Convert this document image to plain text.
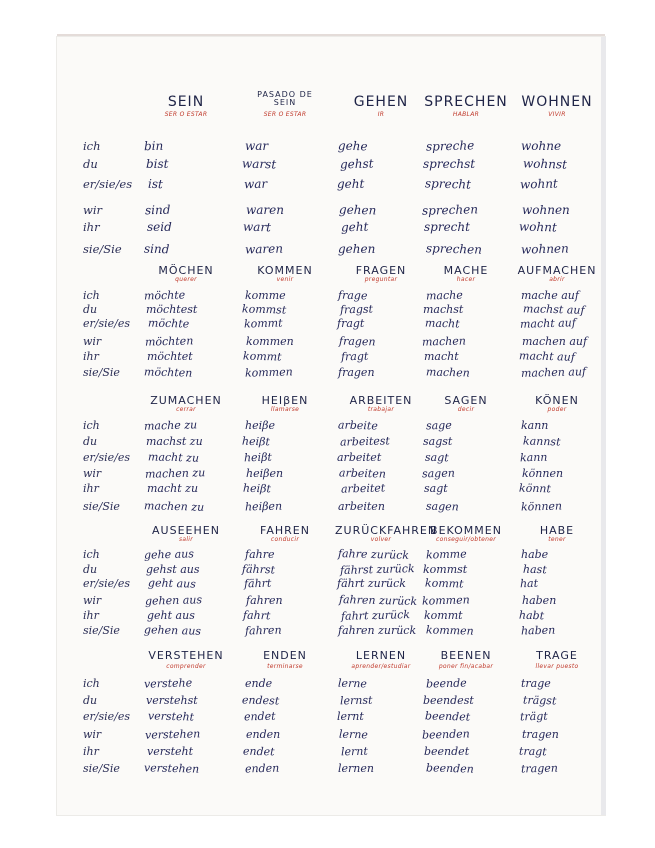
ich
du
er/sie/es
wir
ihr
sie/Sie
SEIN
SER O ESTAR
bin
bist
ist
sind
seid
sind
PASADO DE SEIN
SER O ESTAR
war
warst
war
waren
wart
waren
GEHEN
IR
gehe
gehst
geht
gehen
geht
gehen
SPRECHEN
HABLAR
spreche
sprechst
sprecht
sprechen
sprecht
sprechen
WOHNEN
VIVIR
wohne
wohnst
wohnt
wohnen
wohnt
wohnen
ich
du
er/sie/es
wir
ihr
sie/Sie
MÖCHEN
querer
möchte
möchtest
möchte
möchten
möchtet
möchten
KOMMEN
venir
komme
kommst
kommt
kommen
kommt
kommen
FRAGEN
preguntar
frage
fragst
fragt
fragen
fragt
fragen
MACHE
hacer
mache
machst
macht
machen
macht
machen
AUFMACHEN
abrir
mache auf
machst auf
macht auf
machen auf
macht auf
machen auf
ich
du
er/sie/es
wir
ihr
sie/Sie
ZUMACHEN
cerrar
mache zu
machst zu
macht zu
machen zu
macht zu
machen zu
HEIβEN
llamarse
heiβe
heiβt
heiβt
heiβen
heiβt
heiβen
ARBEITEN
trabajar
arbeite
arbeitest
arbeitet
arbeiten
arbeitet
arbeiten
SAGEN
decir
sage
sagst
sagt
sagen
sagt
sagen
KÖNEN
poder
kann
kannst
kann
können
könnt
können
ich
du
er/sie/es
wir
ihr
sie/Sie
AUSEEHEN
salir
gehe aus
gehst aus
geht aus
gehen aus
geht aus
gehen aus
FAHREN
conducir
fahre
fährst
fährt
fahren
fahrt
fahren
ZURÜCKFAHREN
volver
fahre zurück
fährst zurück
fährt zurück
fahren zurück
fahrt zurück
fahren zurück
BEKOMMEN
conseguir/obtener
komme
kommst
kommt
kommen
kommt
kommen
HABE
tener
habe
hast
hat
haben
habt
haben
ich
du
er/sie/es
wir
ihr
sie/Sie
VERSTEHEN
comprender
verstehe
verstehst
versteht
verstehen
versteht
verstehen
ENDEN
terminarse
ende
endest
endet
enden
endet
enden
LERNEN
aprender/estudiar
lerne
lernst
lernt
lerne
lernt
lernen
BEENEN
poner fin/acabar
beende
beendest
beendet
beenden
beendet
beenden
TRAGE
llevar puesto
trage
trägst
trägt
tragen
tragt
tragen
